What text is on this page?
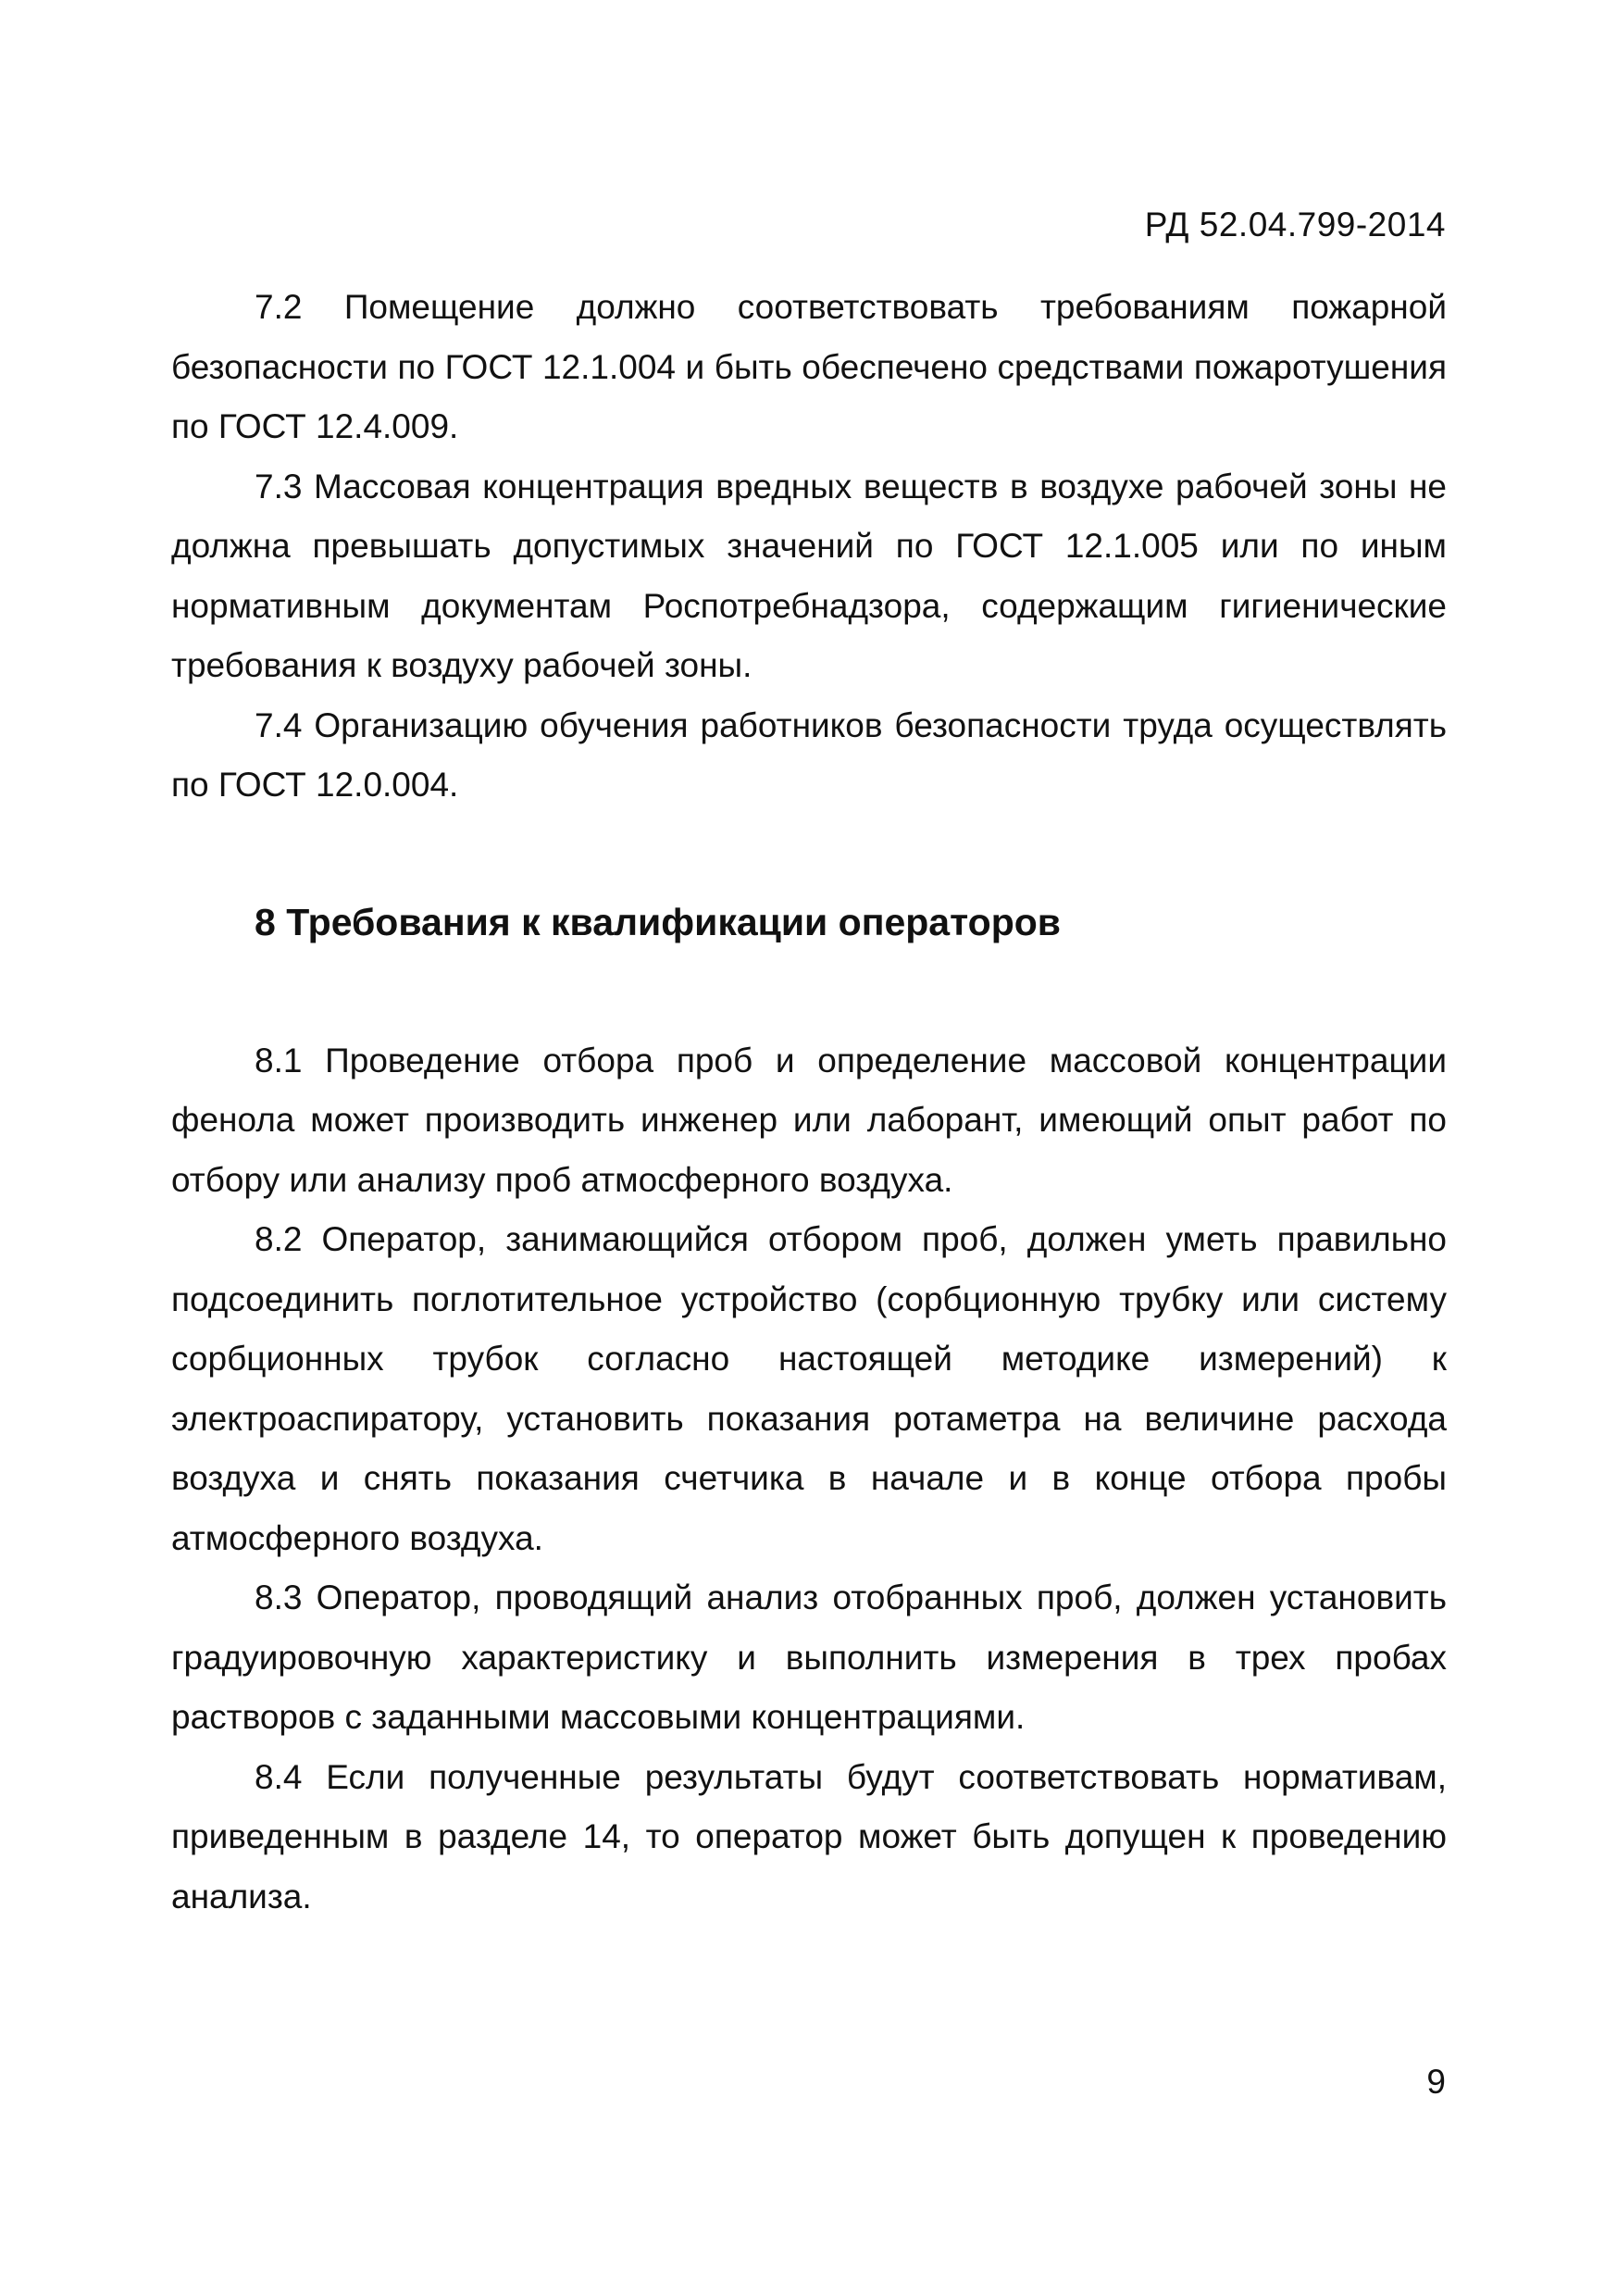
РД 52.04.799-2014

7.2 Помещение должно соответствовать требованиям пожарной безопасности по ГОСТ 12.1.004 и быть обеспечено средствами пожаротушения по ГОСТ 12.4.009.

7.3 Массовая концентрация вредных веществ в воздухе рабочей зоны не должна превышать допустимых значений по ГОСТ 12.1.005 или по иным нормативным документам Роспотребнадзора, содержащим гигиенические требования к воздуху рабочей зоны.

7.4 Организацию обучения работников безопасности труда осуществлять по ГОСТ 12.0.004.

8 Требования к квалификации операторов

8.1 Проведение отбора проб и определение массовой концентрации фенола может производить инженер или лаборант, имеющий опыт работ по отбору или анализу проб атмосферного воздуха.

8.2 Оператор, занимающийся отбором проб, должен уметь правильно подсоединить поглотительное устройство (сорбционную трубку или систему сорбционных трубок согласно настоящей методике измерений) к электроаспиратору, установить показания ротаметра на величине расхода воздуха и снять показания счетчика в начале и в конце отбора пробы атмосферного воздуха.

8.3 Оператор, проводящий анализ отобранных проб, должен установить градуировочную характеристику и выполнить измерения в трех пробах растворов с заданными массовыми концентрациями.

8.4 Если полученные результаты будут соответствовать нормативам, приведенным в разделе 14, то оператор может быть допущен к проведению анализа.

9
